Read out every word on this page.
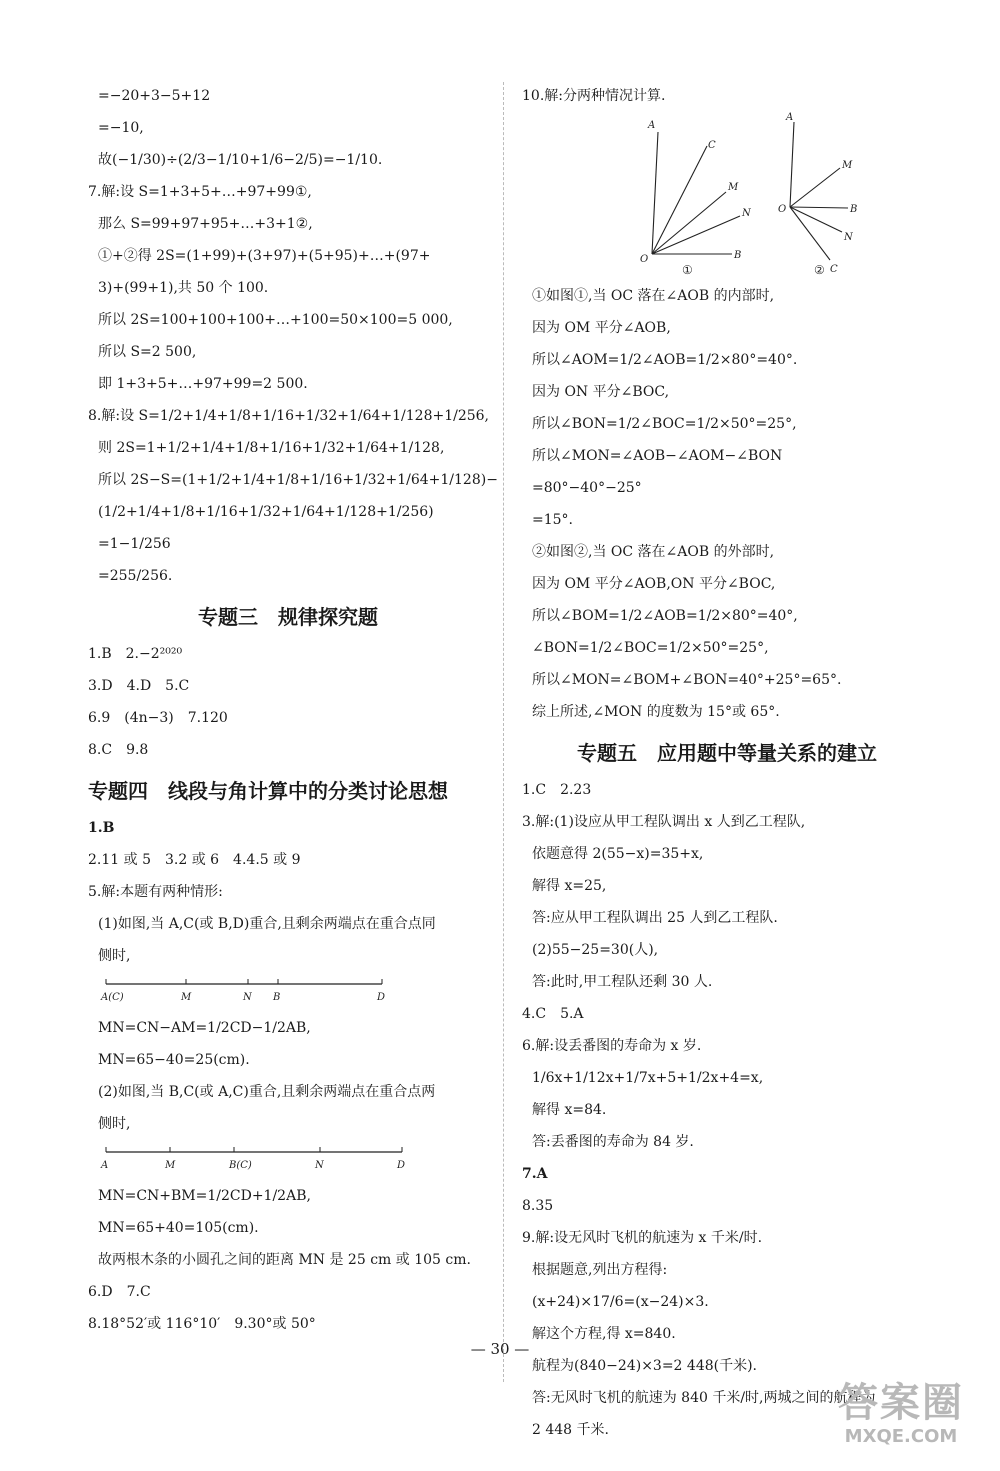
=−20+3−5+12
=−10,
故(−1/30)÷(2/3−1/10+1/6−2/5)=−1/10.
7.解:设 S=1+3+5+…+97+99①,
那么 S=99+97+95+…+3+1②,
①+②得 2S=(1+99)+(3+97)+(5+95)+…+(97+
3)+(99+1),共 50 个 100.
所以 2S=100+100+100+…+100=50×100=5 000,
所以 S=2 500,
即 1+3+5+…+97+99=2 500.
8.解:设 S=1/2+1/4+1/8+1/16+1/32+1/64+1/128+1/256,
则 2S=1+1/2+1/4+1/8+1/16+1/32+1/64+1/128,
所以 2S−S=(1+1/2+1/4+1/8+1/16+1/32+1/64+1/128)−
(1/2+1/4+1/8+1/16+1/32+1/64+1/128+1/256)
=1−1/256
=255/256.
专题三　规律探究题
1.B　2.−2²⁰²⁰
3.D　4.D　5.C
6.9　(4n−3)　7.120
8.C　9.8
专题四　线段与角计算中的分类讨论思想
1.B
2.11 或 5　3.2 或 6　4.4.5 或 9
5.解:本题有两种情形:
(1)如图,当 A,C(或 B,D)重合,且剩余两端点在重合点同
侧时,
A(C)	M	N B	D
MN=CN−AM=1/2CD−1/2AB,
MN=65−40=25(cm).
(2)如图,当 B,C(或 A,C)重合,且剩余两端点在重合点两
侧时,
A	M	B(C)	N	D
MN=CN+BM=1/2CD+1/2AB,
MN=65+40=105(cm).
故两根木条的小圆孔之间的距离 MN 是 25 cm 或 105 cm.
6.D　7.C
8.18°52′或 116°10′　9.30°或 50°
10.解:分两种情况计算.
A
C
M
N
O	B
A
M
O	B
N
C
①	②
①如图①,当 OC 落在∠AOB 的内部时,
因为 OM 平分∠AOB,
所以∠AOM=1/2∠AOB=1/2×80°=40°.
因为 ON 平分∠BOC,
所以∠BON=1/2∠BOC=1/2×50°=25°,
所以∠MON=∠AOB−∠AOM−∠BON
=80°−40°−25°
=15°.
②如图②,当 OC 落在∠AOB 的外部时,
因为 OM 平分∠AOB,ON 平分∠BOC,
所以∠BOM=1/2∠AOB=1/2×80°=40°,
∠BON=1/2∠BOC=1/2×50°=25°,
所以∠MON=∠BOM+∠BON=40°+25°=65°.
综上所述,∠MON 的度数为 15°或 65°.
专题五　应用题中等量关系的建立
1.C　2.23
3.解:(1)设应从甲工程队调出 x 人到乙工程队,
依题意得 2(55−x)=35+x,
解得 x=25,
答:应从甲工程队调出 25 人到乙工程队.
(2)55−25=30(人),
答:此时,甲工程队还剩 30 人.
4.C　5.A
6.解:设丢番图的寿命为 x 岁.
1/6x+1/12x+1/7x+5+1/2x+4=x,
解得 x=84.
答:丢番图的寿命为 84 岁.
7.A
8.35
9.解:设无风时飞机的航速为 x 千米/时.
根据题意,列出方程得:
(x+24)×17/6=(x−24)×3.
解这个方程,得 x=840.
航程为(840−24)×3=2 448(千米).
答:无风时飞机的航速为 840 千米/时,两城之间的航程为
2 448 千米.
— 30 —
答案圈
MXQE.COM
